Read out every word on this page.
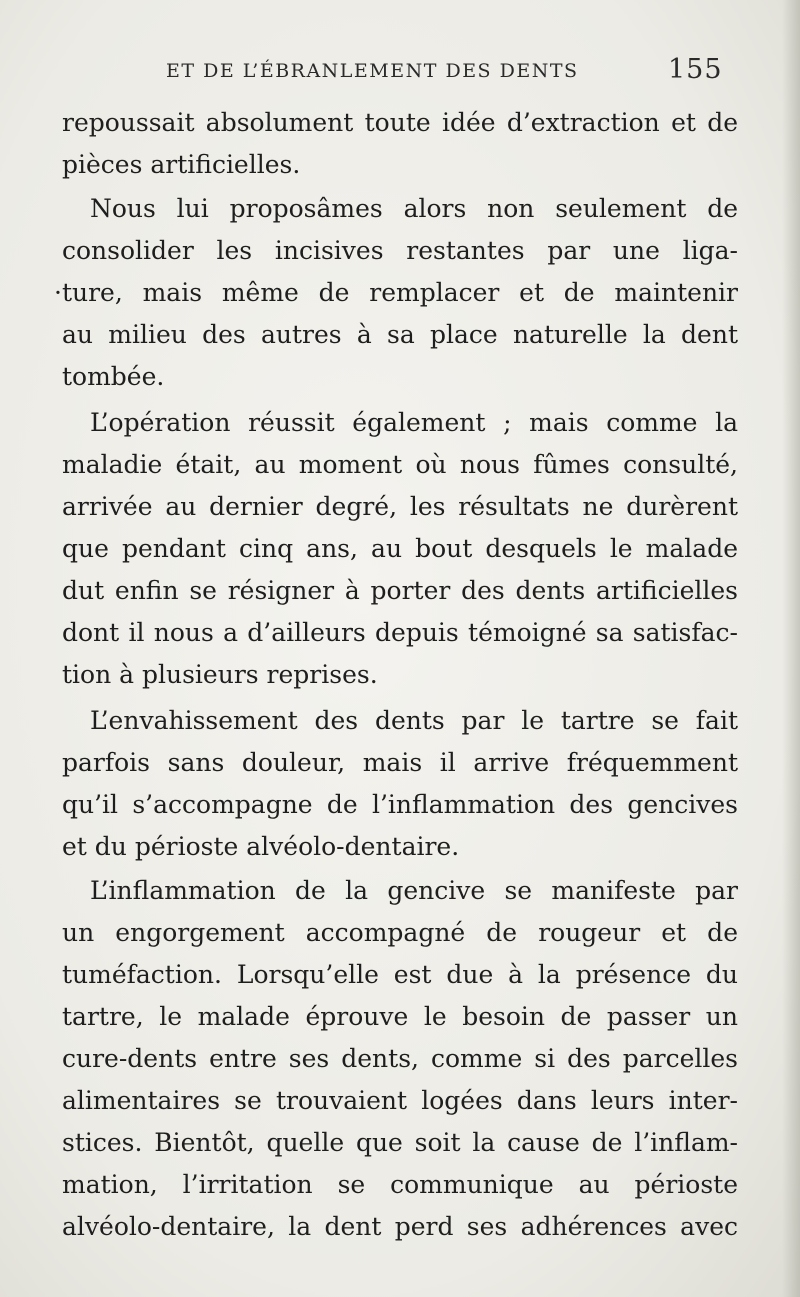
ET DE L’ÉBRANLEMENT DES DENTS	155
repoussait absolument toute idée d’extraction et de
pièces artificielles.
Nous lui proposâmes alors non seulement de
consolider les incisives restantes par une liga-
·ture, mais même de remplacer et de maintenir
au milieu des autres à sa place naturelle la dent
tombée.
L’opération réussit également ; mais comme la
maladie était, au moment où nous fûmes consulté,
arrivée au dernier degré, les résultats ne durèrent
que pendant cinq ans, au bout desquels le malade
dut enfin se résigner à porter des dents artificielles
dont il nous a d’ailleurs depuis témoigné sa satisfac-
tion à plusieurs reprises.
L’envahissement des dents par le tartre se fait
parfois sans douleur, mais il arrive fréquemment
qu’il s’accompagne de l’inflammation des gencives
et du périoste alvéolo-dentaire.
L’inflammation de la gencive se manifeste par
un engorgement accompagné de rougeur et de
tuméfaction. Lorsqu’elle est due à la présence du
tartre, le malade éprouve le besoin de passer un
cure-dents entre ses dents, comme si des parcelles
alimentaires se trouvaient logées dans leurs inter-
stices. Bientôt, quelle que soit la cause de l’inflam-
mation, l’irritation se communique au périoste
alvéolo-dentaire, la dent perd ses adhérences avec
